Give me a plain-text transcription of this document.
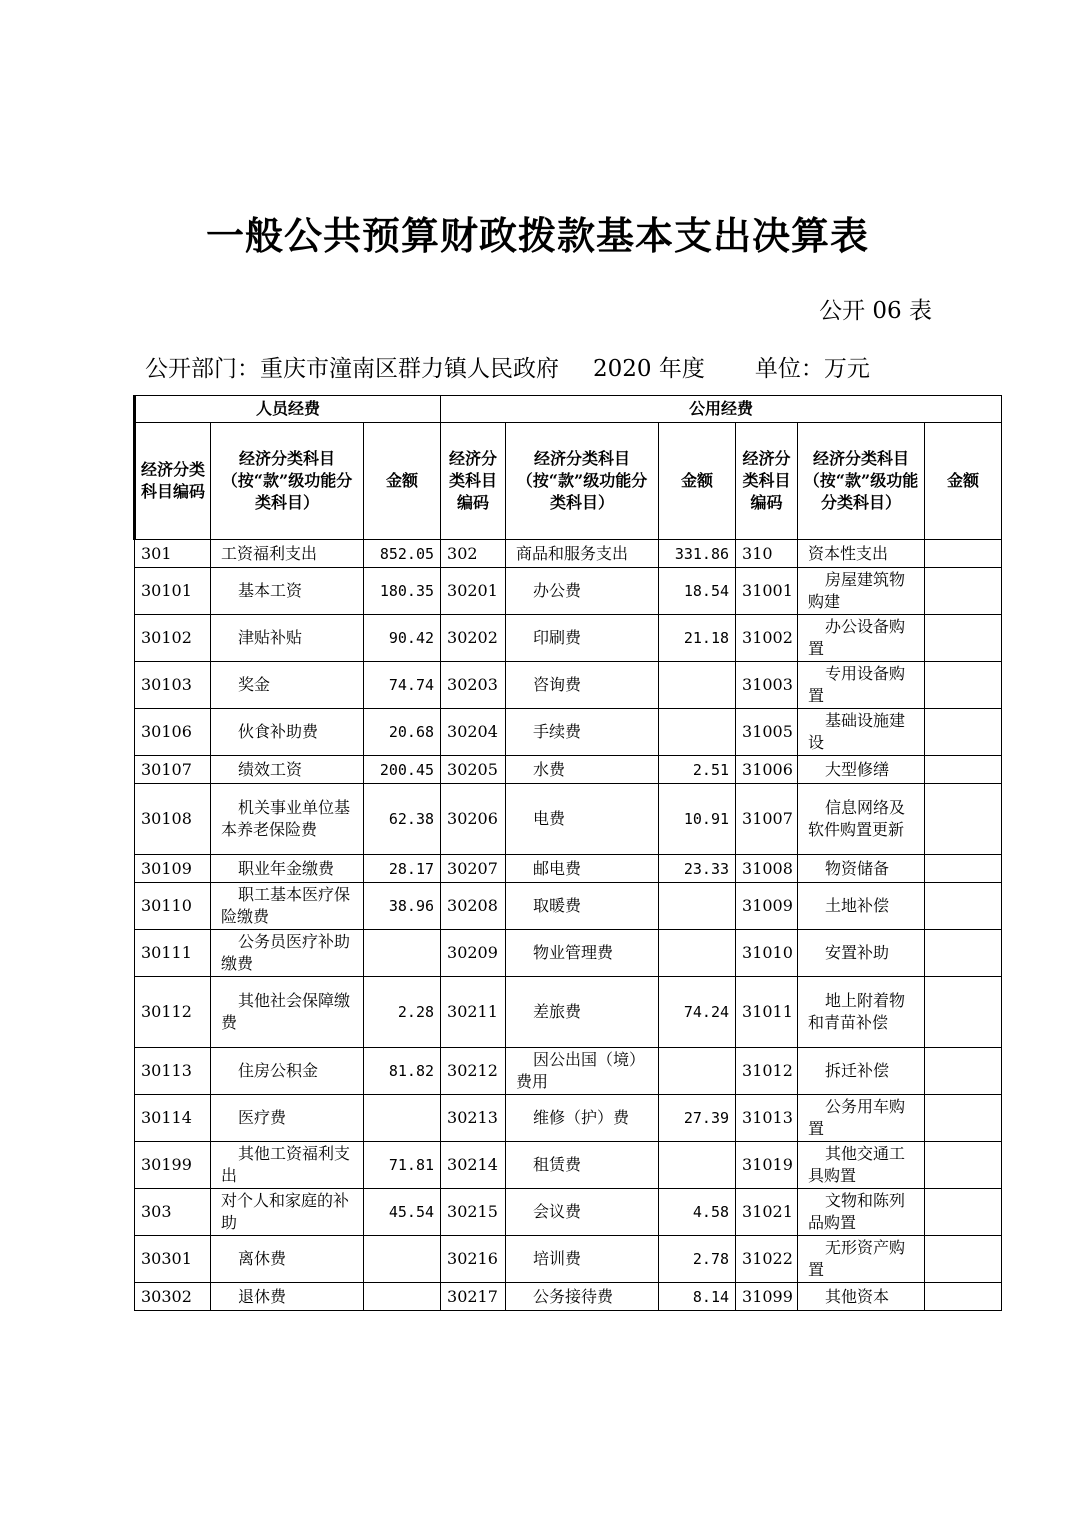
一般公共预算财政拨款基本支出决算表
公开 06 表
公开部门：重庆市潼南区群力镇人民政府 2020 年度 单位：万元
人员经费			公用经费					
经济分类科目编码	经济分类科目（按“款”级功能分类科目）	金额	经济分类科目编码	经济分类科目（按“款”级功能分类科目）	金额	经济分类科目编码	经济分类科目（按“款”级功能分类科目）	金额
301	工资福利支出	852.05	302	商品和服务支出	331.86	310	资本性支出	
30101	基本工资	180.35	30201	办公费	18.54	31001	房屋建筑物购建	
30102	津贴补贴	90.42	30202	印刷费	21.18	31002	办公设备购置	
30103	奖金	74.74	30203	咨询费		31003	专用设备购置	
30106	伙食补助费	20.68	30204	手续费		31005	基础设施建设	
30107	绩效工资	200.45	30205	水费	2.51	31006	大型修缮	
30108	机关事业单位基本养老保险费	62.38	30206	电费	10.91	31007	信息网络及软件购置更新	
30109	职业年金缴费	28.17	30207	邮电费	23.33	31008	物资储备	
30110	职工基本医疗保险缴费	38.96	30208	取暖费		31009	土地补偿	
30111	公务员医疗补助缴费		30209	物业管理费		31010	安置补助	
30112	其他社会保障缴费	2.28	30211	差旅费	74.24	31011	地上附着物和青苗补偿	
30113	住房公积金	81.82	30212	因公出国（境）费用		31012	拆迁补偿	
30114	医疗费		30213	维修（护）费	27.39	31013	公务用车购置	
30199	其他工资福利支出	71.81	30214	租赁费		31019	其他交通工具购置	
303	对个人和家庭的补助	45.54	30215	会议费	4.58	31021	文物和陈列品购置	
30301	离休费		30216	培训费	2.78	31022	无形资产购置	
30302	退休费		30217	公务接待费	8.14	31099	其他资本	
